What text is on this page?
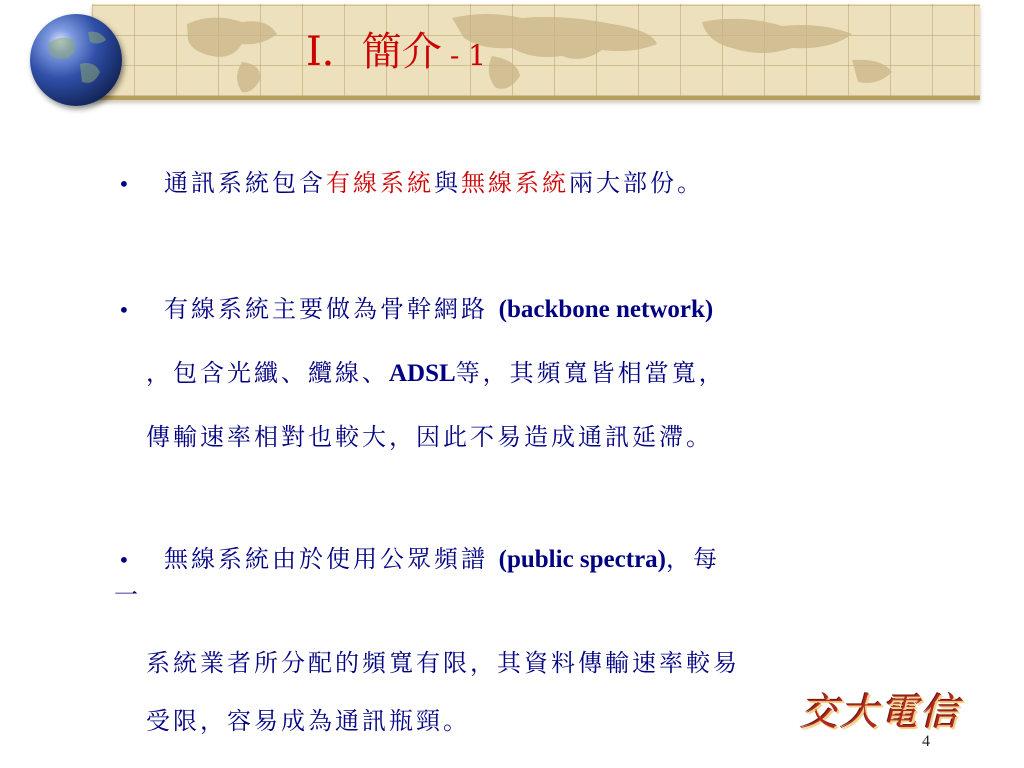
I．簡介 - 1
• 通訊系統包含有線系統與無線系統兩大部份。
• 有線系統主要做為骨幹網路 (backbone network)
，包含光纖、纜線、ADSL等，其頻寬皆相當寬，
傳輸速率相對也較大，因此不易造成通訊延滯。
• 無線系統由於使用公眾頻譜 (public spectra)，每
一
系統業者所分配的頻寬有限，其資料傳輸速率較易
受限，容易成為通訊瓶頸。	交大電信
4
